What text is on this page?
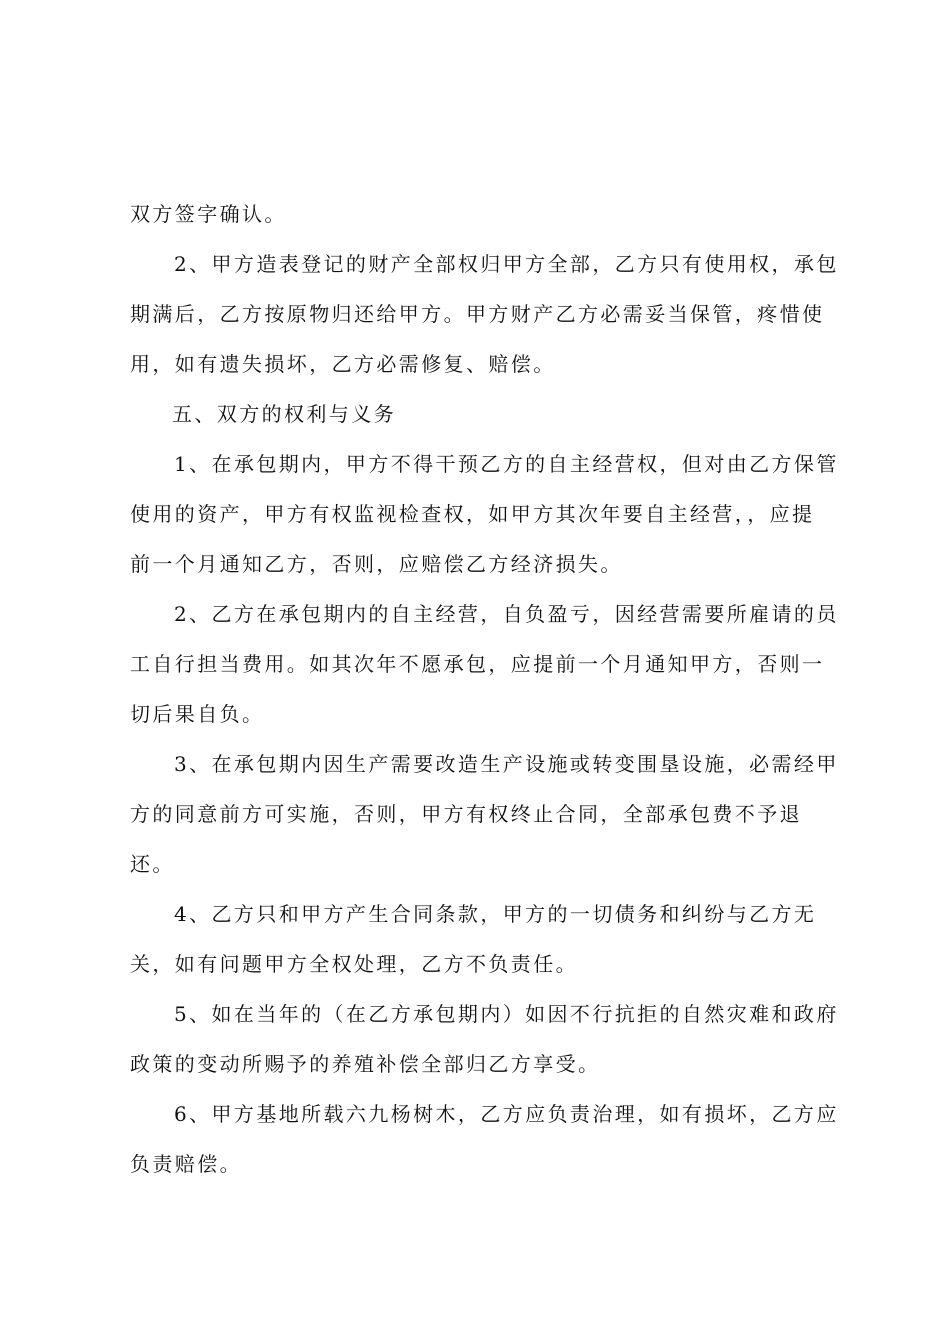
双方签字确认。

2、甲方造表登记的财产全部权归甲方全部，乙方只有使用权，承包
期满后，乙方按原物归还给甲方。甲方财产乙方必需妥当保管，疼惜使
用，如有遗失损坏，乙方必需修复、赔偿。

五、双方的权利与义务

1、在承包期内，甲方不得干预乙方的自主经营权，但对由乙方保管
使用的资产，甲方有权监视检查权，如甲方其次年要自主经营，，应提
前一个月通知乙方，否则，应赔偿乙方经济损失。

2、乙方在承包期内的自主经营，自负盈亏，因经营需要所雇请的员
工自行担当费用。如其次年不愿承包，应提前一个月通知甲方，否则一
切后果自负。

3、在承包期内因生产需要改造生产设施或转变围垦设施，必需经甲
方的同意前方可实施，否则，甲方有权终止合同，全部承包费不予退
还。

4、乙方只和甲方产生合同条款，甲方的一切债务和纠纷与乙方无
关，如有问题甲方全权处理，乙方不负责任。

5、如在当年的（在乙方承包期内）如因不行抗拒的自然灾难和政府
政策的变动所赐予的养殖补偿全部归乙方享受。

6、甲方基地所载六九杨树木，乙方应负责治理，如有损坏，乙方应
负责赔偿。
